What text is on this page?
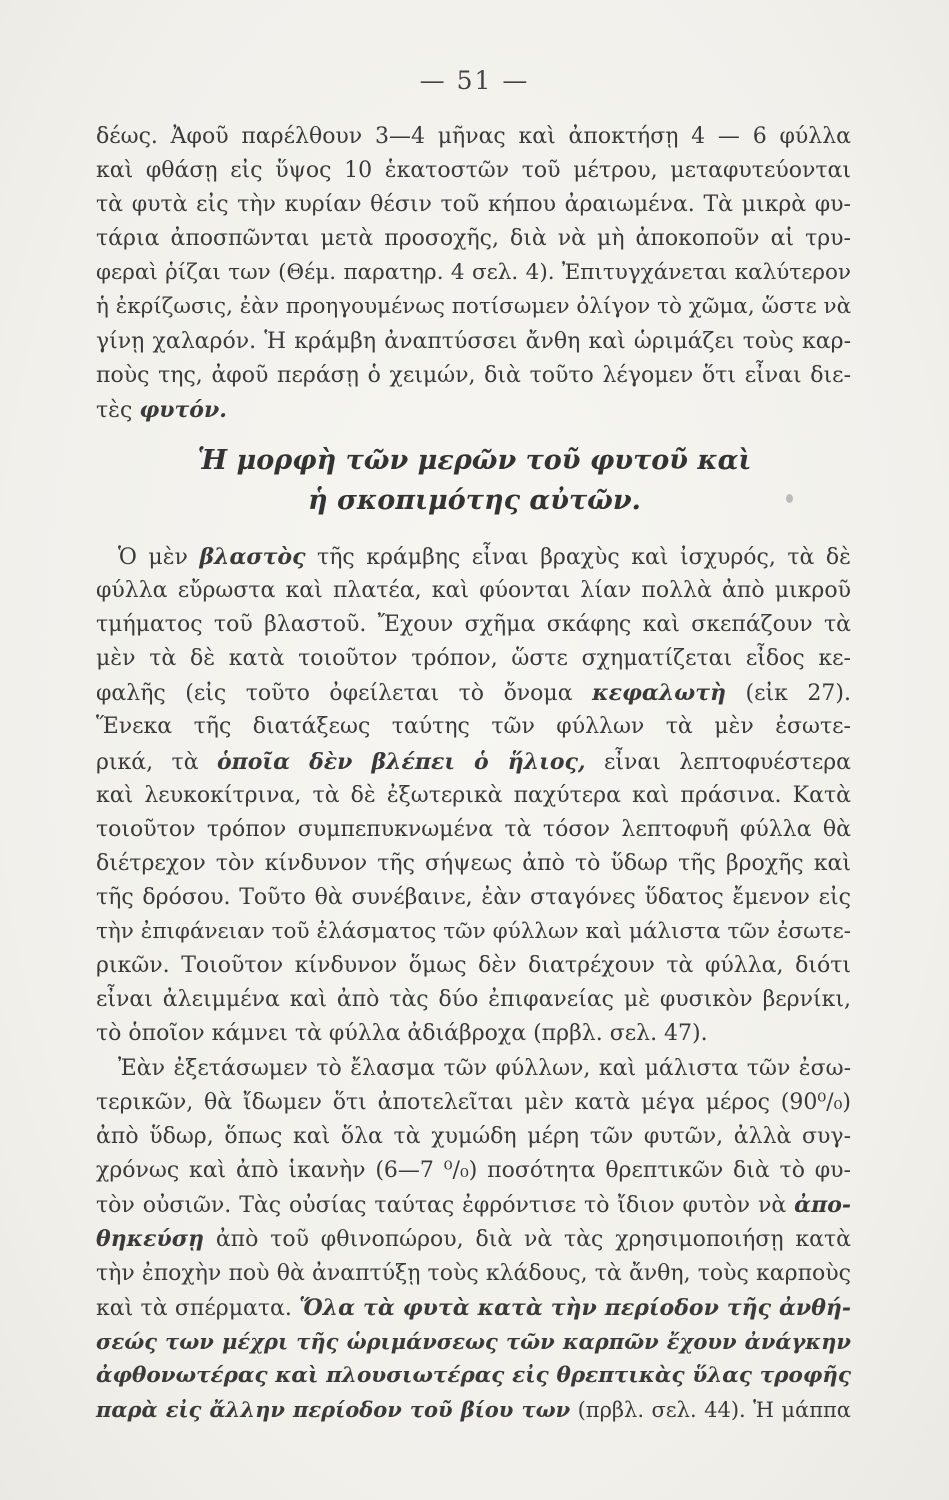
— 51 —
δέως. Ἀφοῦ παρέλθουν 3—4 μῆνας καὶ ἀποκτήσῃ 4 — 6 φύλλα
καὶ φθάσῃ εἰς ὕψος 10 ἑκατοστῶν τοῦ μέτρου, μεταφυτεύονται
τὰ φυτὰ εἰς τὴν κυρίαν θέσιν τοῦ κήπου ἀραιωμένα. Τὰ μικρὰ φυ-
τάρια ἀποσπῶνται μετὰ προσοχῆς, διὰ νὰ μὴ ἀποκοποῦν αἱ τρυ-
φεραὶ ῥίζαι των (Θέμ. παρατηρ. 4 σελ. 4). Ἐπιτυγχάνεται καλύτερον
ἡ ἐκρίζωσις, ἐὰν προηγουμένως ποτίσωμεν ὀλίγον τὸ χῶμα, ὥστε νὰ
γίνῃ χαλαρόν. Ἡ κράμβη ἀναπτύσσει ἄνθη καὶ ὡριμάζει τοὺς καρ-
ποὺς της, ἀφοῦ περάσῃ ὁ χειμών, διὰ τοῦτο λέγομεν ὅτι εἶναι διε-
τὲς φυτόν.
Ἡ μορφὴ τῶν μερῶν τοῦ φυτοῦ καὶ
ἡ σκοπιμότης αὐτῶν.
Ὁ μὲν βλαστὸς τῆς κράμβης εἶναι βραχὺς καὶ ἰσχυρός, τὰ δὲ
φύλλα εὔρωστα καὶ πλατέα, καὶ φύονται λίαν πολλὰ ἀπὸ μικροῦ
τμήματος τοῦ βλαστοῦ. Ἔχουν σχῆμα σκάφης καὶ σκεπάζουν τὰ
μὲν τὰ δὲ κατὰ τοιοῦτον τρόπον, ὥστε σχηματίζεται εἶδος κε-
φαλῆς (εἰς τοῦτο ὀφείλεται τὸ ὄνομα κεφαλωτὴ (εἰκ 27).
Ἕνεκα τῆς διατάξεως ταύτης τῶν φύλλων τὰ μὲν ἐσωτε-
ρικά, τὰ ὁποῖα δὲν βλέπει ὁ ἥλιος, εἶναι λεπτοφυέστερα
καὶ λευκοκίτρινα, τὰ δὲ ἐξωτερικὰ παχύτερα καὶ πράσινα. Κατὰ
τοιοῦτον τρόπον συμπεπυκνωμένα τὰ τόσον λεπτοφυῆ φύλλα θὰ
διέτρεχον τὸν κίνδυνον τῆς σήψεως ἀπὸ τὸ ὕδωρ τῆς βροχῆς καὶ
τῆς δρόσου. Τοῦτο θὰ συνέβαινε, ἐὰν σταγόνες ὕδατος ἔμενον εἰς
τὴν ἐπιφάνειαν τοῦ ἐλάσματος τῶν φύλλων καὶ μάλιστα τῶν ἐσωτε-
ρικῶν. Τοιοῦτον κίνδυνον ὅμως δὲν διατρέχουν τὰ φύλλα, διότι
εἶναι ἀλειμμένα καὶ ἀπὸ τὰς δύο ἐπιφανείας μὲ φυσικὸν βερνίκι,
τὸ ὁποῖον κάμνει τὰ φύλλα ἀδιάβροχα (πρβλ. σελ. 47).
Ἐὰν ἐξετάσωμεν τὸ ἔλασμα τῶν φύλλων, καὶ μάλιστα τῶν ἐσω-
τερικῶν, θὰ ἴδωμεν ὅτι ἀποτελεῖται μὲν κατὰ μέγα μέρος (90⁰/₀)
ἀπὸ ὕδωρ, ὅπως καὶ ὅλα τὰ χυμώδη μέρη τῶν φυτῶν, ἀλλὰ συγ-
χρόνως καὶ ἀπὸ ἱκανὴν (6—7 ⁰/₀) ποσότητα θρεπτικῶν διὰ τὸ φυ-
τὸν οὐσιῶν. Τὰς οὐσίας ταύτας ἐφρόντισε τὸ ἴδιον φυτὸν νὰ ἀπο-
θηκεύσῃ ἀπὸ τοῦ φθινοπώρου, διὰ νὰ τὰς χρησιμοποιήσῃ κατὰ
τὴν ἐποχὴν ποὺ θὰ ἀναπτύξῃ τοὺς κλάδους, τὰ ἄνθη, τοὺς καρποὺς
καὶ τὰ σπέρματα. Ὅλα τὰ φυτὰ κατὰ τὴν περίοδον τῆς ἀνθή-
σεώς των μέχρι τῆς ὡριμάνσεως τῶν καρπῶν ἔχουν ἀνάγκην
ἀφθονωτέρας καὶ πλουσιωτέρας εἰς θρεπτικὰς ὕλας τροφῆς
παρὰ εἰς ἄλλην περίοδον τοῦ βίου των (πρβλ. σελ. 44). Ἡ μάππα
